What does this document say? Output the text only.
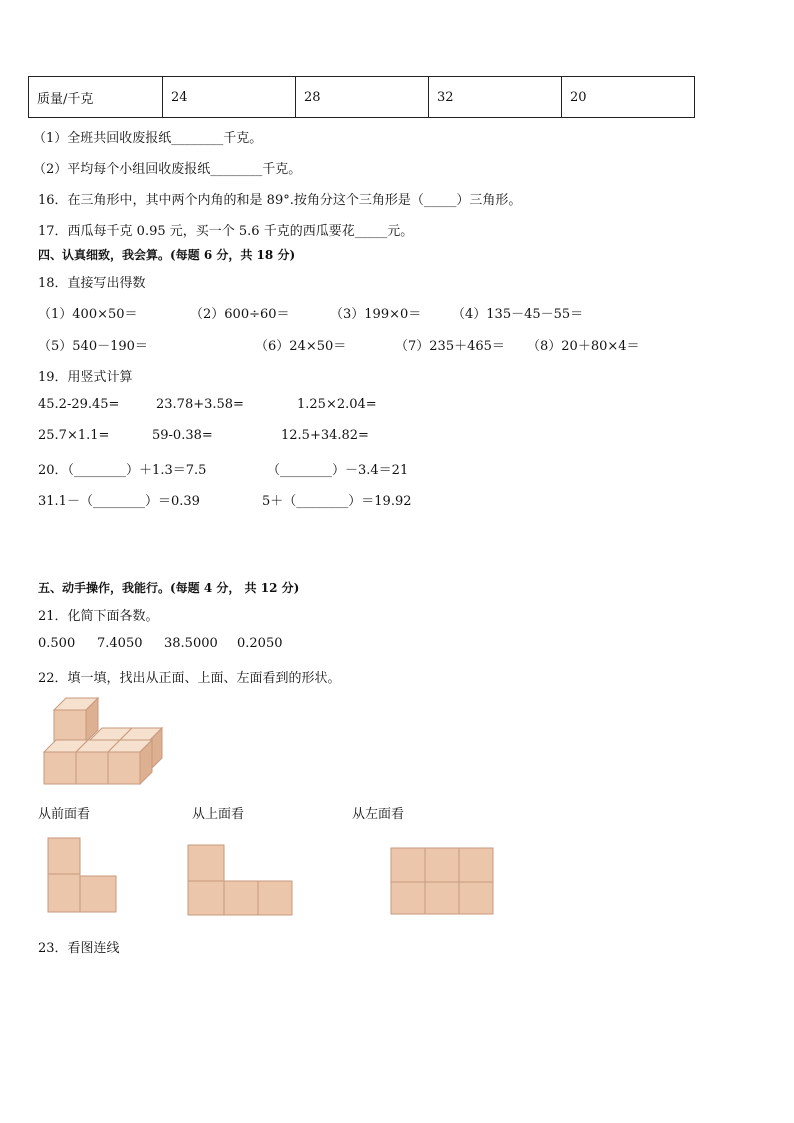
质量/千克	24	28	32	20
（1）全班共回收废报纸________千克。
（2）平均每个小组回收废报纸________千克。
16．在三角形中，其中两个内角的和是 89°.按角分这个三角形是（_____）三角形。
17．西瓜每千克 0.95 元，买一个 5.6 千克的西瓜要花_____元。
四、认真细致，我会算。(每题 6 分，共 18 分)
18．直接写出得数
（1）400×50＝	（2）600÷60＝	（3）199×0＝ （4）135－45－55＝
（5）540－190＝	（6）24×50＝	（7）235＋465＝ （8）20＋80×4＝
19．用竖式计算
45.2-29.45=	23.78+3.58=	1.25×2.04=
25.7×1.1=	59-0.38=	12.5+34.82=
20．（________）＋1.3＝7.5	（________）－3.4＝21
31.1－（________）＝0.39	5＋（________）＝19.92
五、动手操作，我能行。(每题 4 分， 共 12 分)
21．化简下面各数。
0.500 7.4050 38.5000 0.2050
22．填一填，找出从正面、上面、左面看到的形状。
从前面看	从上面看	从左面看
23．看图连线
